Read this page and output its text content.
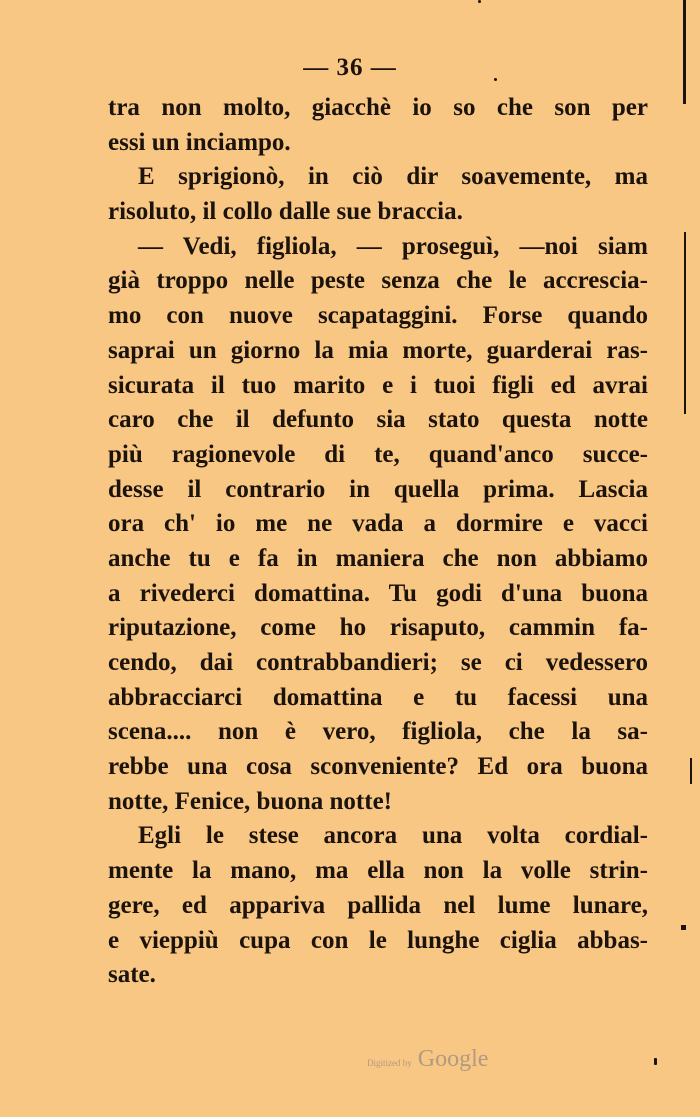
— 36 —
tra non molto, giacchè io so che son per
essi un inciampo.
E sprigionò, in ciò dir soavemente, ma
risoluto, il collo dalle sue braccia.
— Vedi, figliola, — proseguì, —noi siam
già troppo nelle peste senza che le accrescia-
mo con nuove scapataggini. Forse quando
saprai un giorno la mia morte, guarderai ras-
sicurata il tuo marito e i tuoi figli ed avrai
caro che il defunto sia stato questa notte
più ragionevole di te, quand'anco succe-
desse il contrario in quella prima. Lascia
ora ch' io me ne vada a dormire e vacci
anche tu e fa in maniera che non abbiamo
a rivederci domattina. Tu godi d'una buona
riputazione, come ho risaputo, cammin fa-
cendo, dai contrabbandieri; se ci vedessero
abbracciarci domattina e tu facessi una
scena.... non è vero, figliola, che la sa-
rebbe una cosa sconveniente? Ed ora buona
notte, Fenice, buona notte!
Egli le stese ancora una volta cordial-
mente la mano, ma ella non la volle strin-
gere, ed appariva pallida nel lume lunare,
e vieppiù cupa con le lunghe ciglia abbas-
sate.
Digitized by Google
